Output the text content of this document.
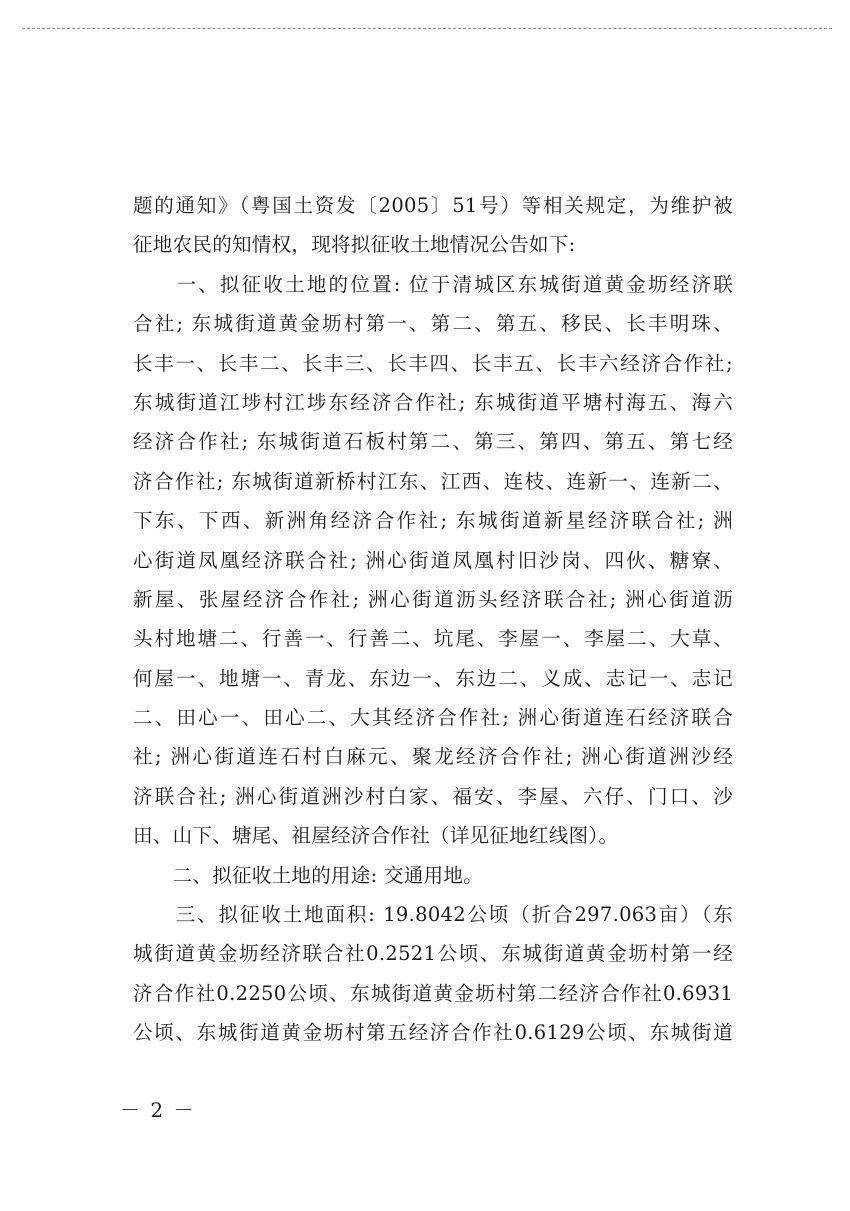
题的通知》（粤国土资发〔2005〕51号）等相关规定，为维护被
征地农民的知情权，现将拟征收土地情况公告如下:
　　一、拟征收土地的位置: 位于清城区东城街道黄金坜经济联
合社; 东城街道黄金坜村第一、第二、第五、移民、长丰明珠、
长丰一、长丰二、长丰三、长丰四、长丰五、长丰六经济合作社;
东城街道江埗村江埗东经济合作社; 东城街道平塘村海五、海六
经济合作社; 东城街道石板村第二、第三、第四、第五、第七经
济合作社; 东城街道新桥村江东、江西、连枝、连新一、连新二、
下东、下西、新洲角经济合作社; 东城街道新星经济联合社; 洲
心街道凤凰经济联合社; 洲心街道凤凰村旧沙岗、四伙、糖寮、
新屋、张屋经济合作社; 洲心街道沥头经济联合社; 洲心街道沥
头村地塘二、行善一、行善二、坑尾、李屋一、李屋二、大草、
何屋一、地塘一、青龙、东边一、东边二、义成、志记一、志记
二、田心一、田心二、大其经济合作社; 洲心街道连石经济联合
社; 洲心街道连石村白麻元、聚龙经济合作社; 洲心街道洲沙经
济联合社; 洲心街道洲沙村白家、福安、李屋、六仔、门口、沙
田、山下、塘尾、祖屋经济合作社（详见征地红线图）。
　　二、拟征收土地的用途: 交通用地。
　　三、拟征收土地面积: 19.8042公顷（折合297.063亩）（东
城街道黄金坜经济联合社0.2521公顷、东城街道黄金坜村第一经
济合作社0.2250公顷、东城街道黄金坜村第二经济合作社0.6931
公顷、东城街道黄金坜村第五经济合作社0.6129公顷、东城街道
－ 2 －
